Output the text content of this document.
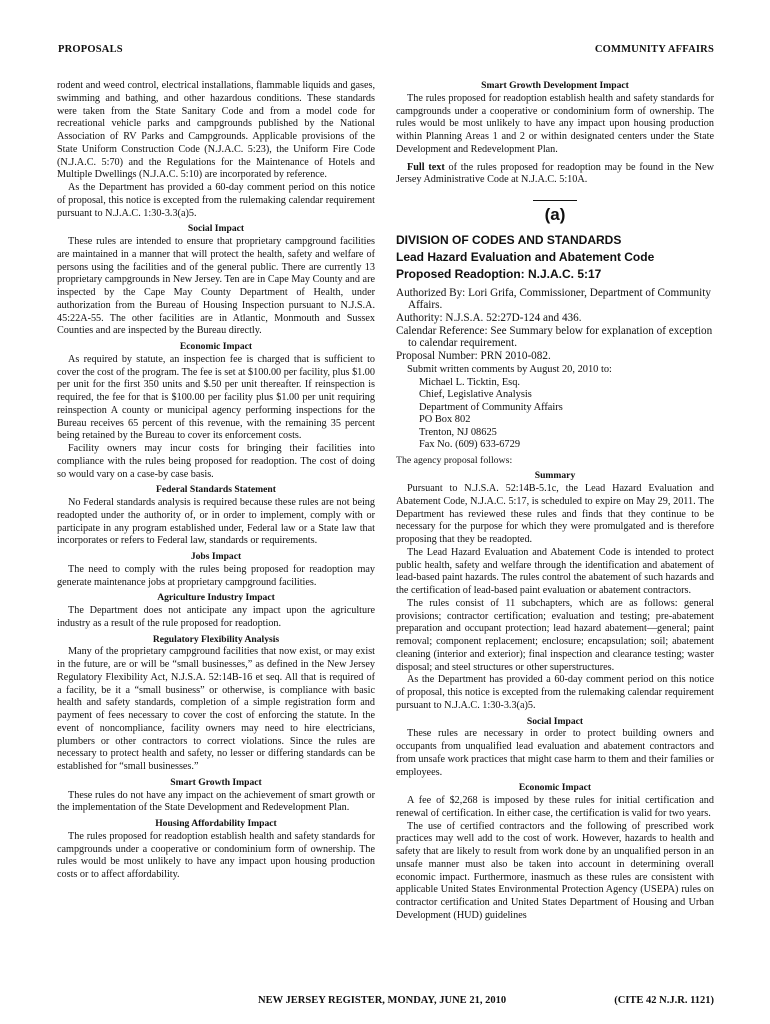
PROPOSALS	COMMUNITY AFFAIRS

rodent and weed control, electrical installations, flammable liquids and gases, swimming and bathing, and other hazardous conditions. These standards were taken from the State Sanitary Code and from a model code for recreational vehicle parks and campgrounds published by the National Association of RV Parks and Campgrounds. Applicable provisions of the State Uniform Construction Code (N.J.A.C. 5:23), the Uniform Fire Code (N.J.A.C. 5:70) and the Regulations for the Maintenance of Hotels and Multiple Dwellings (N.J.A.C. 5:10) are incorporated by reference.

As the Department has provided a 60-day comment period on this notice of proposal, this notice is excepted from the rulemaking calendar requirement pursuant to N.J.A.C. 1:30-3.3(a)5.

Social Impact

These rules are intended to ensure that proprietary campground facilities are maintained in a manner that will protect the health, safety and welfare of persons using the facilities and of the general public. There are currently 13 proprietary campgrounds in New Jersey. Ten are in Cape May County and are inspected by the Cape May County Department of Health, under authorization from the Bureau of Housing Inspection pursuant to N.J.S.A. 45:22A-55. The other facilities are in Atlantic, Monmouth and Sussex Counties and are inspected by the Bureau directly.

Economic Impact

As required by statute, an inspection fee is charged that is sufficient to cover the cost of the program. The fee is set at $100.00 per facility, plus $1.00 per unit for the first 350 units and $.50 per unit thereafter. If reinspection is required, the fee for that is $100.00 per facility plus $1.00 per unit requiring reinspection A county or municipal agency performing inspections for the Bureau receives 65 percent of this revenue, with the remaining 35 percent being retained by the Bureau to cover its enforcement costs.

Facility owners may incur costs for bringing their facilities into compliance with the rules being proposed for readoption. The cost of doing so would vary on a case-by case basis.

Federal Standards Statement

No Federal standards analysis is required because these rules are not being readopted under the authority of, or in order to implement, comply with or participate in any program established under, Federal law or a State law that incorporates or refers to Federal law, standards or requirements.

Jobs Impact

The need to comply with the rules being proposed for readoption may generate maintenance jobs at proprietary campground facilities.

Agriculture Industry Impact

The Department does not anticipate any impact upon the agriculture industry as a result of the rule proposed for readoption.

Regulatory Flexibility Analysis

Many of the proprietary campground facilities that now exist, or may exist in the future, are or will be “small businesses,” as defined in the New Jersey Regulatory Flexibility Act, N.J.S.A. 52:14B-16 et seq. All that is required of a facility, be it a “small business” or otherwise, is compliance with basic health and safety standards, completion of a simple registration form and payment of fees necessary to cover the cost of enforcing the statute. In the event of noncompliance, facility owners may need to hire electricians, plumbers or other contractors to correct violations. Since the rules are necessary to protect health and safety, no lesser or differing standards can be established for “small businesses.”

Smart Growth Impact

These rules do not have any impact on the achievement of smart growth or the implementation of the State Development and Redevelopment Plan.

Housing Affordability Impact

The rules proposed for readoption establish health and safety standards for campgrounds under a cooperative or condominium form of ownership. The rules would be most unlikely to have any impact upon housing production costs or to affect affordability.

Smart Growth Development Impact

The rules proposed for readoption establish health and safety standards for campgrounds under a cooperative or condominium form of ownership. The rules would be most unlikely to have any impact upon housing production within Planning Areas 1 and 2 or within designated centers under the State Development and Redevelopment Plan.

Full text of the rules proposed for readoption may be found in the New Jersey Administrative Code at N.J.A.C. 5:10A.

(a)
DIVISION OF CODES AND STANDARDS
Lead Hazard Evaluation and Abatement Code
Proposed Readoption: N.J.A.C. 5:17
Authorized By: Lori Grifa, Commissioner, Department of Community Affairs.
Authority: N.J.S.A. 52:27D-124 and 436.
Calendar Reference: See Summary below for explanation of exception to calendar requirement.
Proposal Number: PRN 2010-082.
Submit written comments by August 20, 2010 to:
Michael L. Ticktin, Esq.
Chief, Legislative Analysis
Department of Community Affairs
PO Box 802
Trenton, NJ 08625
Fax No. (609) 633-6729
The agency proposal follows:
Summary

Pursuant to N.J.S.A. 52:14B-5.1c, the Lead Hazard Evaluation and Abatement Code, N.J.A.C. 5:17, is scheduled to expire on May 29, 2011. The Department has reviewed these rules and finds that they continue to be necessary for the purpose for which they were promulgated and is therefore proposing that they be readopted.

The Lead Hazard Evaluation and Abatement Code is intended to protect public health, safety and welfare through the identification and abatement of lead-based paint hazards. The rules control the abatement of such hazards and the certification of lead-based paint evaluation or abatement contractors.

The rules consist of 11 subchapters, which are as follows: general provisions; contractor certification; evaluation and testing; pre-abatement preparation and occupant protection; lead hazard abatement—general; paint removal; component replacement; enclosure; encapsulation; soil; abatement cleaning (interior and exterior); final inspection and clearance testing; waster disposal; and steel structures or other superstructures.

As the Department has provided a 60-day comment period on this notice of proposal, this notice is excepted from the rulemaking calendar requirement pursuant to N.J.A.C. 1:30-3.3(a)5.

Social Impact

These rules are necessary in order to protect building owners and occupants from unqualified lead evaluation and abatement contractors and from unsafe work practices that might case harm to them and their families or employees.

Economic Impact

A fee of $2,268 is imposed by these rules for initial certification and renewal of certification. In either case, the certification is valid for two years.

The use of certified contractors and the following of prescribed work practices may well add to the cost of work. However, hazards to health and safety that are likely to result from work done by an unqualified person in an unsafe manner must also be taken into account in determining overall economic impact. Furthermore, inasmuch as these rules are consistent with applicable United States Environmental Protection Agency (USEPA) rules on contractor certification and United States Department of Housing and Urban Development (HUD) guidelines

NEW JERSEY REGISTER, MONDAY, JUNE 21, 2010	(CITE 42 N.J.R. 1121)
